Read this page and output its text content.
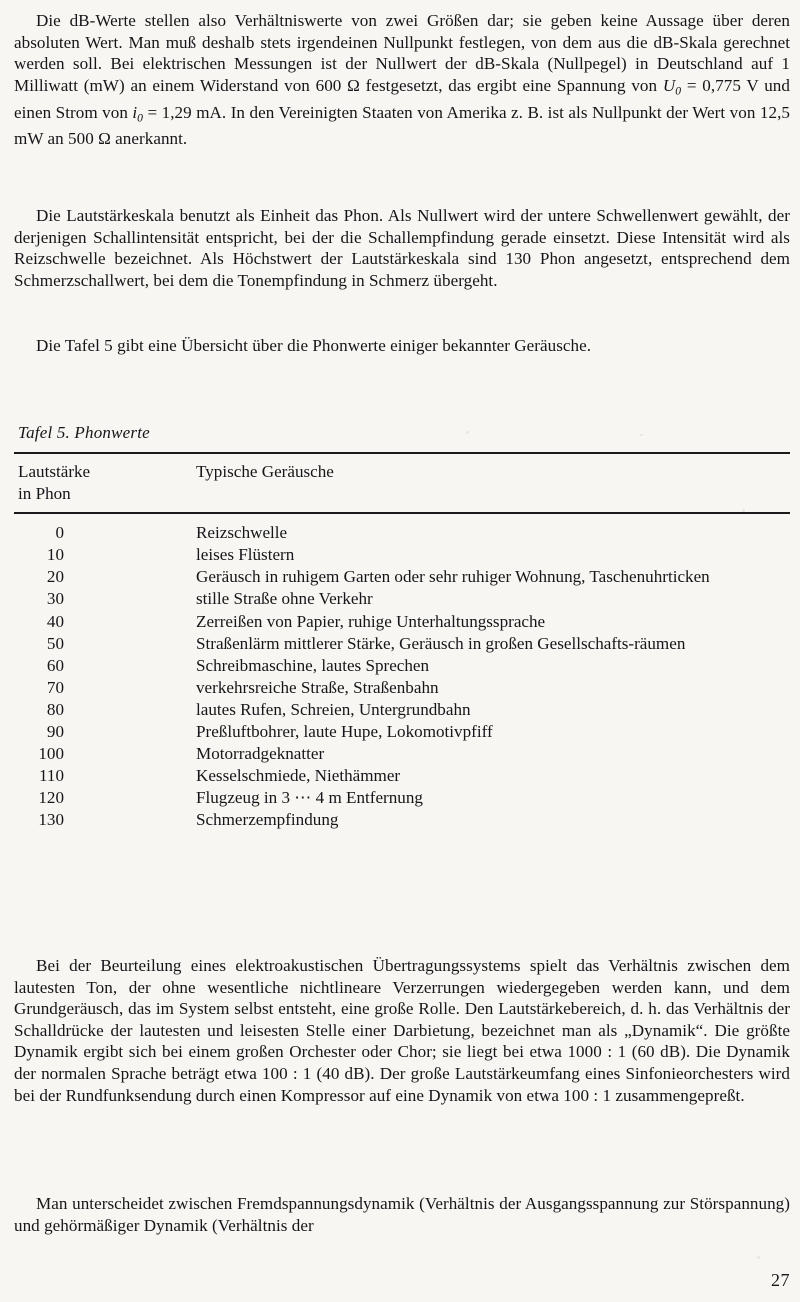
Die dB-Werte stellen also Verhältniswerte von zwei Größen dar; sie geben keine Aussage über deren absoluten Wert. Man muß deshalb stets irgendeinen Nullpunkt festlegen, von dem aus die dB-Skala gerechnet werden soll. Bei elektrischen Messungen ist der Nullwert der dB-Skala (Nullpegel) in Deutschland auf 1 Milliwatt (mW) an einem Widerstand von 600 Ω festgesetzt, das ergibt eine Spannung von $U_0 = 0,775$ V und einen Strom von $i_0 = 1,29$ mA. In den Vereinigten Staaten von Amerika z. B. ist als Nullpunkt der Wert von 12,5 mW an 500 Ω anerkannt.

Die Lautstärkeskala benutzt als Einheit das Phon. Als Nullwert wird der untere Schwellenwert gewählt, der derjenigen Schallintensität entspricht, bei der die Schallempfindung gerade einsetzt. Diese Intensität wird als Reizschwelle bezeichnet. Als Höchstwert der Lautstärkeskala sind 130 Phon angesetzt, entsprechend dem Schmerzschallwert, bei dem die Tonempfindung in Schmerz übergeht.

Die Tafel 5 gibt eine Übersicht über die Phonwerte einiger bekannter Geräusche.

Tafel 5. Phonwerte
Lautstärke
in Phon
	Typische Geräusche
0	Reizschwelle
10	leises Flüstern
20	Geräusch in ruhigem Garten oder sehr ruhiger Wohnung, Taschenuhrticken
30	stille Straße ohne Verkehr
40	Zerreißen von Papier, ruhige Unterhaltungssprache
50	Straßenlärm mittlerer Stärke, Geräusch in großen Gesellschafts-räumen
60	Schreibmaschine, lautes Sprechen
70	verkehrsreiche Straße, Straßenbahn
80	lautes Rufen, Schreien, Untergrundbahn
90	Preßluftbohrer, laute Hupe, Lokomotivpfiff
100	Motorradgeknatter
110	Kesselschmiede, Niethämmer
120	Flugzeug in 3 ⋯ 4 m Entfernung
130	Schmerzempfindung

Bei der Beurteilung eines elektroakustischen Übertragungssystems spielt das Verhältnis zwischen dem lautesten Ton, der ohne wesentliche nichtlineare Verzerrungen wiedergegeben werden kann, und dem Grundgeräusch, das im System selbst entsteht, eine große Rolle. Den Lautstärkebereich, d. h. das Verhältnis der Schalldrücke der lautesten und leisesten Stelle einer Darbietung, bezeichnet man als „Dynamik“. Die größte Dynamik ergibt sich bei einem großen Orchester oder Chor; sie liegt bei etwa 1000 : 1 (60 dB). Die Dynamik der normalen Sprache beträgt etwa 100 : 1 (40 dB). Der große Lautstärkeumfang eines Sinfonieorchesters wird bei der Rundfunksendung durch einen Kompressor auf eine Dynamik von etwa 100 : 1 zusammengepreßt.

Man unterscheidet zwischen Fremdspannungsdynamik (Verhältnis der Ausgangsspannung zur Störspannung) und gehörmäßiger Dynamik (Verhältnis der

27
